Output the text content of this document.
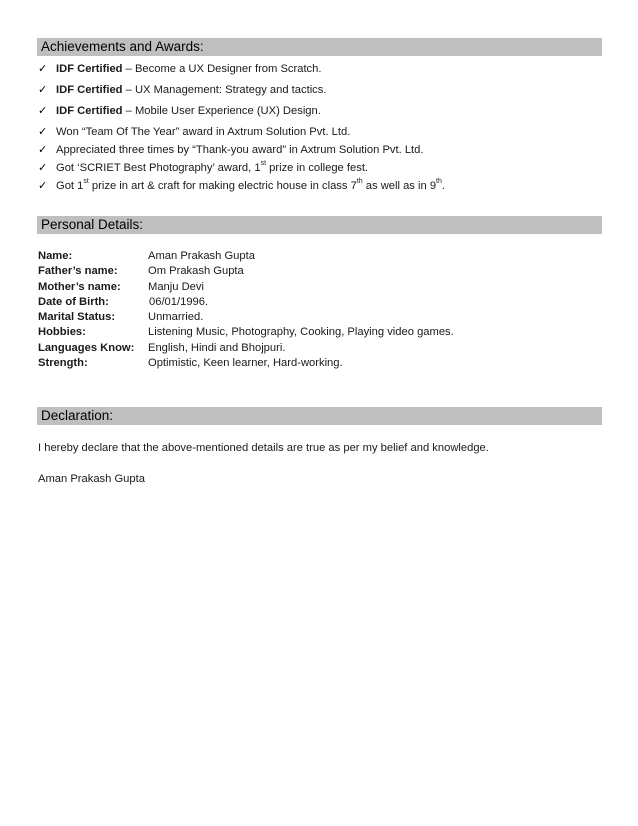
Achievements and Awards:
✓ IDF Certified – Become a UX Designer from Scratch.
✓ IDF Certified – UX Management: Strategy and tactics.
✓ IDF Certified – Mobile User Experience (UX) Design.
✓ Won “Team Of The Year” award in Axtrum Solution Pvt. Ltd.
✓ Appreciated three times by “Thank-you award” in Axtrum Solution Pvt. Ltd.
✓ Got ‘SCRIET Best Photography’ award, 1st prize in college fest.
✓ Got 1st prize in art & craft for making electric house in class 7th as well as in 9th.
Personal Details:
Name:	Aman Prakash Gupta
Father’s name:	Om Prakash Gupta
Mother’s name:	Manju Devi
Date of Birth:	06/01/1996.
Marital Status:	Unmarried.
Hobbies:	Listening Music, Photography, Cooking, Playing video games.
Languages Know:	English, Hindi and Bhojpuri.
Strength:	Optimistic, Keen learner, Hard-working.
Declaration:
I hereby declare that the above-mentioned details are true as per my belief and knowledge.
Aman Prakash Gupta
